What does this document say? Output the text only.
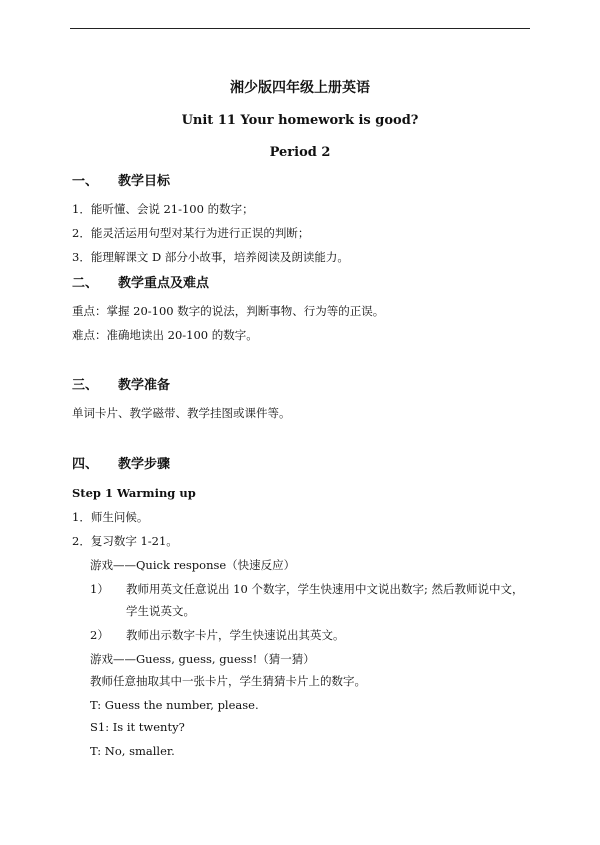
湘少版四年级上册英语
Unit 11 Your homework is good?
Period 2
一、 教学目标
1．能听懂、会说 21-100 的数字；
2．能灵活运用句型对某行为进行正误的判断；
3．能理解课文 D 部分小故事，培养阅读及朗读能力。
二、 教学重点及难点
重点：掌握 20-100 数字的说法，判断事物、行为等的正误。
难点：准确地读出 20-100 的数字。
三、 教学准备
单词卡片、教学磁带、教学挂图或课件等。
四、 教学步骤
Step 1 Warming up
1．师生问候。
2．复习数字 1-21。
游戏——Quick response（快速反应）
1） 教师用英文任意说出 10 个数字，学生快速用中文说出数字; 然后教师说中文，
学生说英文。
2） 教师出示数字卡片，学生快速说出其英文。
游戏——Guess, guess, guess!（猜一猜）
教师任意抽取其中一张卡片，学生猜猜卡片上的数字。
T: Guess the number, please.
S1: Is it twenty?
T: No, smaller.
